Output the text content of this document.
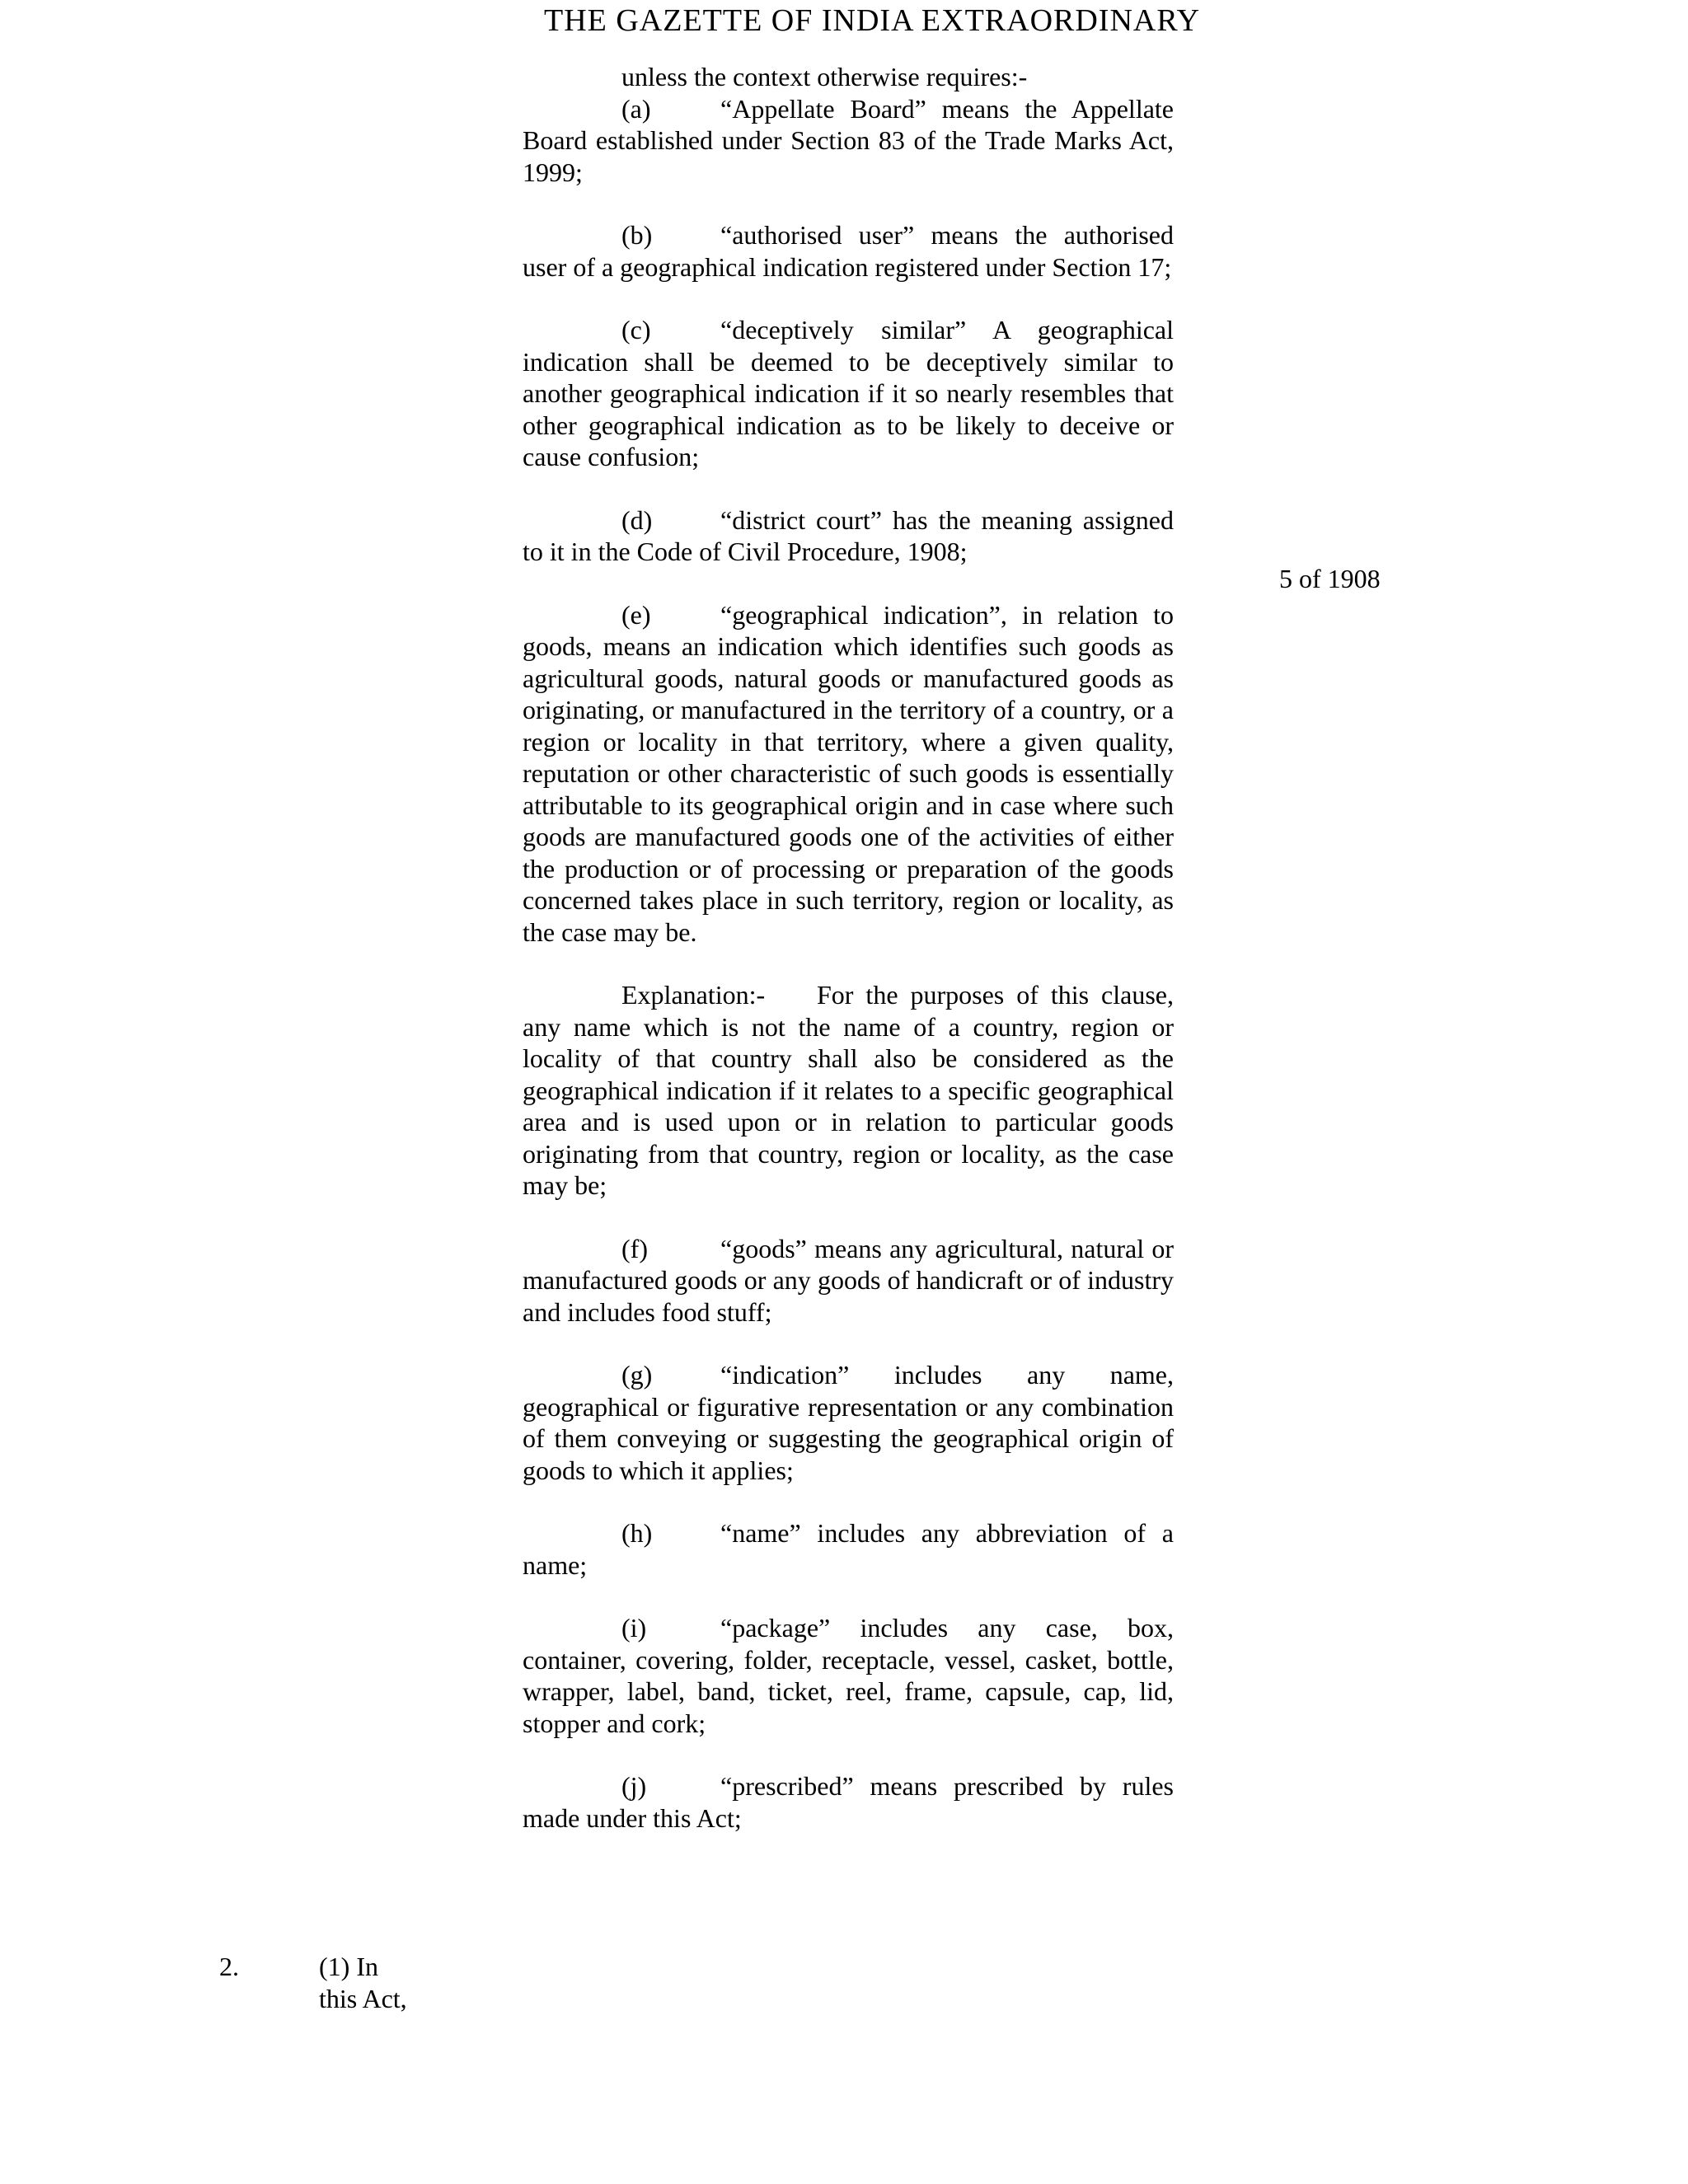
THE GAZETTE OF INDIA EXTRAORDINARY

unless the context otherwise requires:-

(a)	“Appellate Board” means the Appellate Board established under Section 83 of the Trade Marks Act, 1999;

(b)	“authorised user” means the authorised user of a geographical indication registered under Section 17;

(c)	“deceptively similar” A geographical indication shall be deemed to be deceptively similar to another geographical indication if it so nearly resembles that other geographical indication as to be likely to deceive or cause confusion;

(d)	“district court” has the meaning assigned to it in the Code of Civil Procedure, 1908;

(e)	“geographical indication”, in relation to goods, means an indication which identifies such goods as agricultural goods, natural goods or manufactured goods as originating, or manufactured in the territory of a country, or a region or locality in that territory, where a given quality, reputation or other characteristic of such goods is essentially attributable to its geographical origin and in case where such goods are manufactured goods one of the activities of either the production or of processing or preparation of the goods concerned takes place in such territory, region or locality, as the case may be.

Explanation:- For the purposes of this clause, any name which is not the name of a country, region or locality of that country shall also be considered as the geographical indication if it relates to a specific geographical area and is used upon or in relation to particular goods originating from that country, region or locality, as the case may be;

(f)	“goods” means any agricultural, natural or manufactured goods or any goods of handicraft or of industry and includes food stuff;

(g)	“indication” includes any name, geographical or figurative representation or any combination of them conveying or suggesting the geographical origin of goods to which it applies;

(h)	“name” includes any abbreviation of a name;

(i)	“package” includes any case, box, container, covering, folder, receptacle, vessel, casket, bottle, wrapper, label, band, ticket, reel, frame, capsule, cap, lid, stopper and cork;

(j)	“prescribed” means prescribed by rules made under this Act;

5 of 1908
2.	(1) In
this Act,
